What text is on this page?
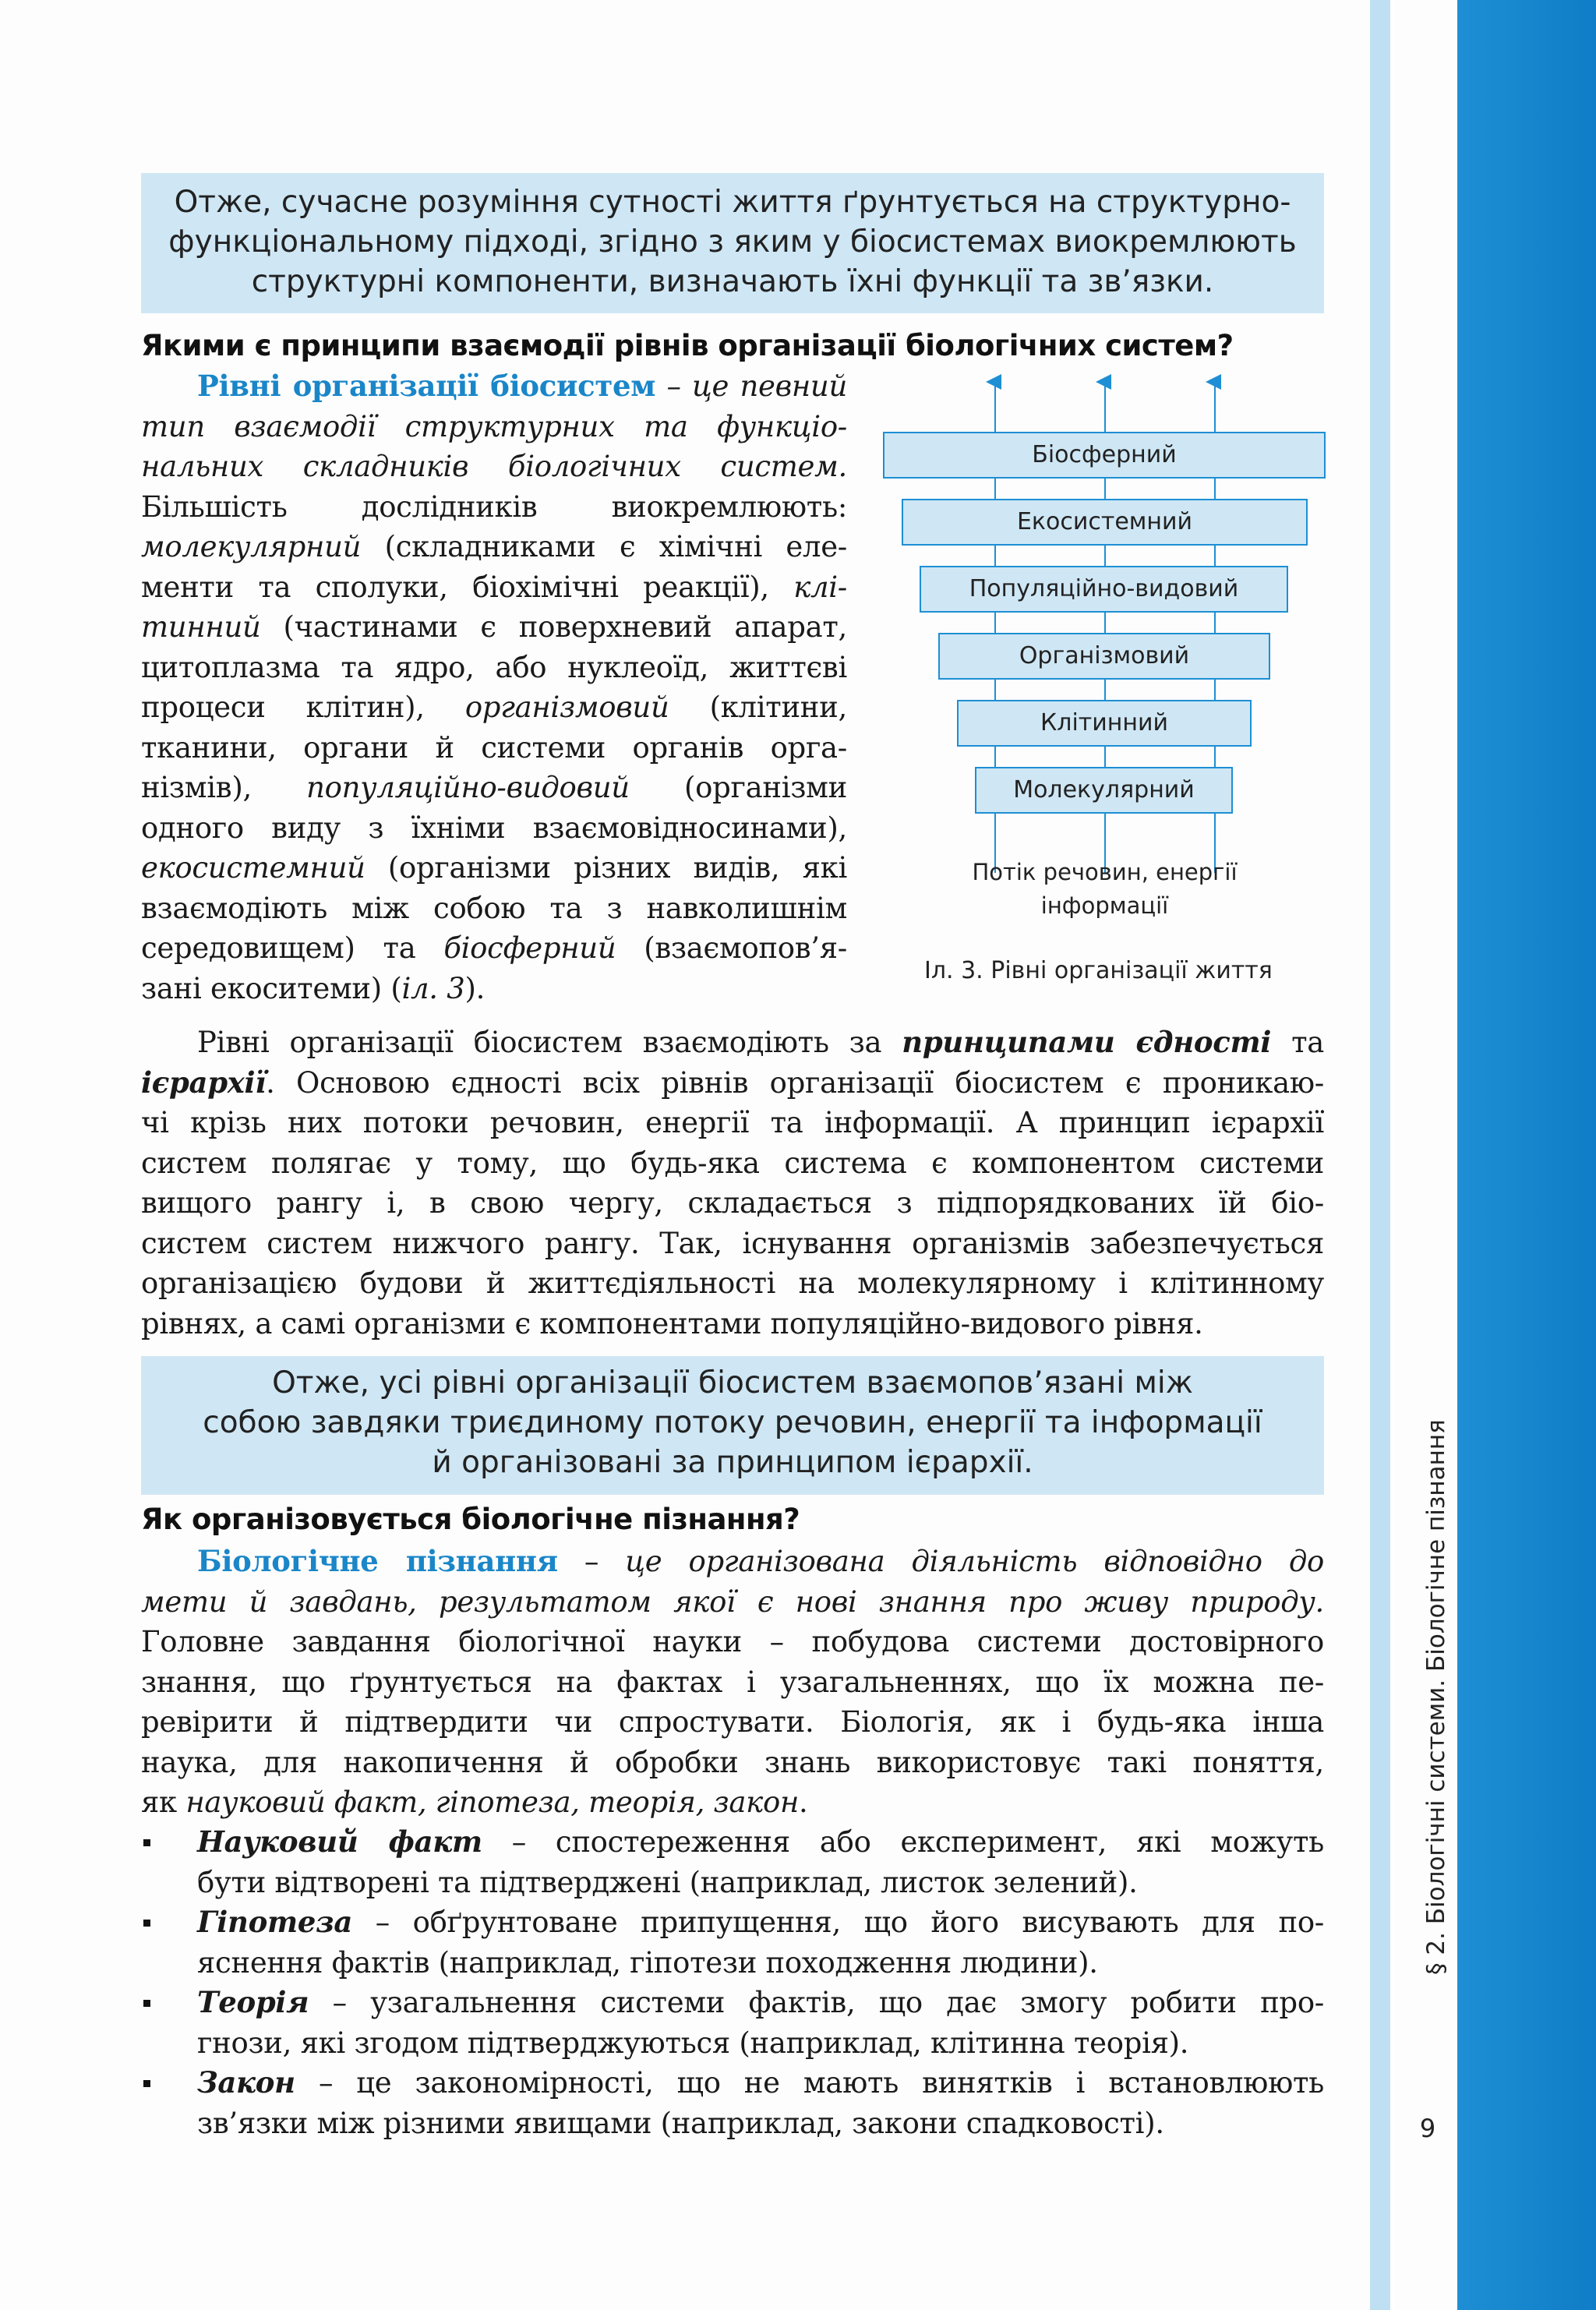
§ 2. Біологічні системи. Біологічне пізнання
9

Отже, сучасне розуміння сутності життя ґрунтується на структурно-

функціональному підході, згідно з яким у біосистемах виокремлюють

структурні компоненти, визначають їхні функції та зв’язки.

Якими є принципи взаємодії рівнів організації біологічних систем?
Рівні організації біосистем – це певний
тип взаємодії структурних та функціо-
нальних складників біологічних систем.
Більшість дослідників виокремлюють:
молекулярний (складниками є хімічні еле-
менти та сполуки, біохімічні реакції), клі-
тинний (частинами є поверхневий апарат,
цитоплазма та ядро, або нуклеоїд, життєві
процеси клітин), організмовий (клітини,
тканини, органи й системи органів орга-
нізмів), популяційно-видовий (організми
одного виду з їхніми взаємовідносинами),
екосистемний (організми різних видів, які
взаємодіють між собою та з навколишнім
середовищем) та біосферний (взаємопов’я-
зані екоситеми) (іл. 3).
Біосферний
Екосистемний
Популяційно-видовий
Організмовий
Клітинний
Молекулярний
Потік речовин, енергії
інформації
Іл. 3. Рівні організації життя
Рівні організації біосистем взаємодіють за принципами єдності та
ієрархії. Основою єдності всіх рівнів організації біосистем є проникаю-
чі крізь них потоки речовин, енергії та інформації. А принцип ієрархії
систем полягає у тому, що будь-яка система є компонентом системи
вищого рангу і, в свою чергу, складається з підпорядкованих їй біо-
систем систем нижчого рангу. Так, існування організмів забезпечується
організацією будови й життєдіяльності на молекулярному і клітинному
рівнях, а самі організми є компонентами популяційно-видового рівня.

Отже, усі рівні організації біосистем взаємопов’язані між

собою завдяки триєдиному потоку речовин, енергії та інформації

й організовані за принципом ієрархії.

Як організовується біологічне пізнання?
Біологічне пізнання – це організована діяльність відповідно до
мети й завдань, результатом якої є нові знання про живу природу.
Головне завдання біологічної науки – побудова системи достовірного
знання, що ґрунтується на фактах і узагальненнях, що їх можна пе-
ревірити й підтвердити чи спростувати. Біологія, як і будь-яка інша
наука, для накопичення й обробки знань використовує такі поняття,
як науковий факт, гіпотеза, теорія, закон.
Науковий факт – спостереження або експеримент, які можуть
бути відтворені та підтверджені (наприклад, листок зелений).
Гіпотеза – обґрунтоване припущення, що його висувають для по-
яснення фактів (наприклад, гіпотези походження людини).
Теорія – узагальнення системи фактів, що дає змогу робити про-
гнози, які згодом підтверджуються (наприклад, клітинна теорія).
Закон – це закономірності, що не мають винятків і встановлюють
зв’язки між різними явищами (наприклад, закони спадковості).
